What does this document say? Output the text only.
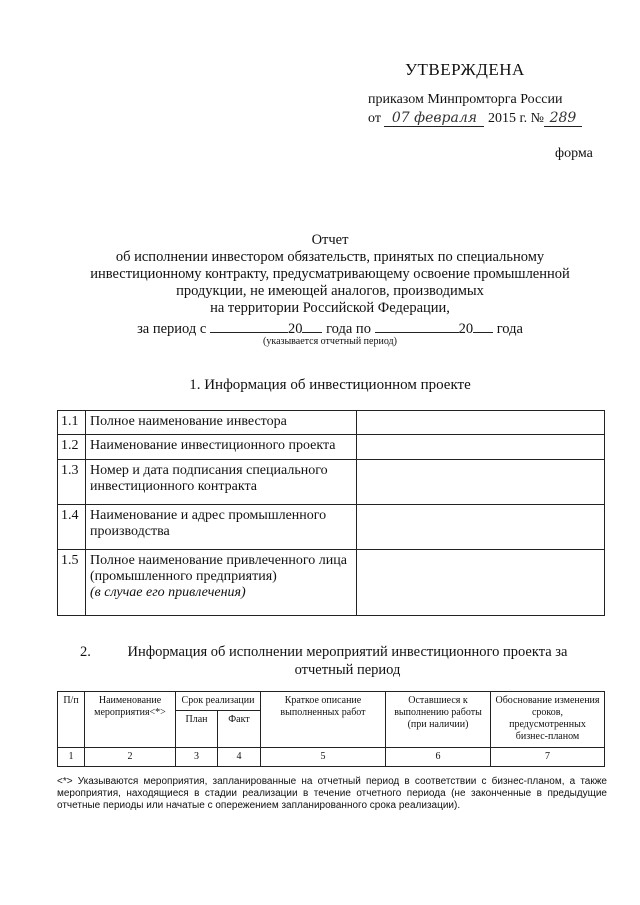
УТВЕРЖДЕНА
приказом Минпромторга России
от 07 февраля 2015 г. № 289
форма
Отчет
об исполнении инвестором обязательств, принятых по специальному
инвестиционному контракту, предусматривающему освоение промышленной
продукции, не имеющей аналогов, производимых
на территории Российской Федерации,
за период с	20 года по	20 года
(указывается отчетный период)
1. Информация об инвестиционном проекте
1.1	Полное наименование инвестора	
1.2	Наименование инвестиционного проекта	
1.3	Номер и дата подписания специального инвестиционного контракта	
1.4	Наименование и адрес промышленного производства	
1.5	Полное наименование привлеченного лица (промышленного предприятия)
(в случае его привлечения)	
2.	Информация об исполнении мероприятий инвестиционного проекта за отчетный период
П/п	Наименование мероприятия<*>	Срок реализации		Краткое описание выполненных работ	Оставшиеся к выполнению работы (при наличии)	Обоснование изменения сроков, предусмотренных бизнес-планом
		План	Факт			
1	2	3	4	5	6	7
<*> Указываются мероприятия, запланированные на отчетный период в соответствии с бизнес-планом, а также мероприятия, находящиеся в стадии реализации в течение отчетного периода (не законченные в предыдущие отчетные периоды или начатые с опережением запланированного срока реализации).
